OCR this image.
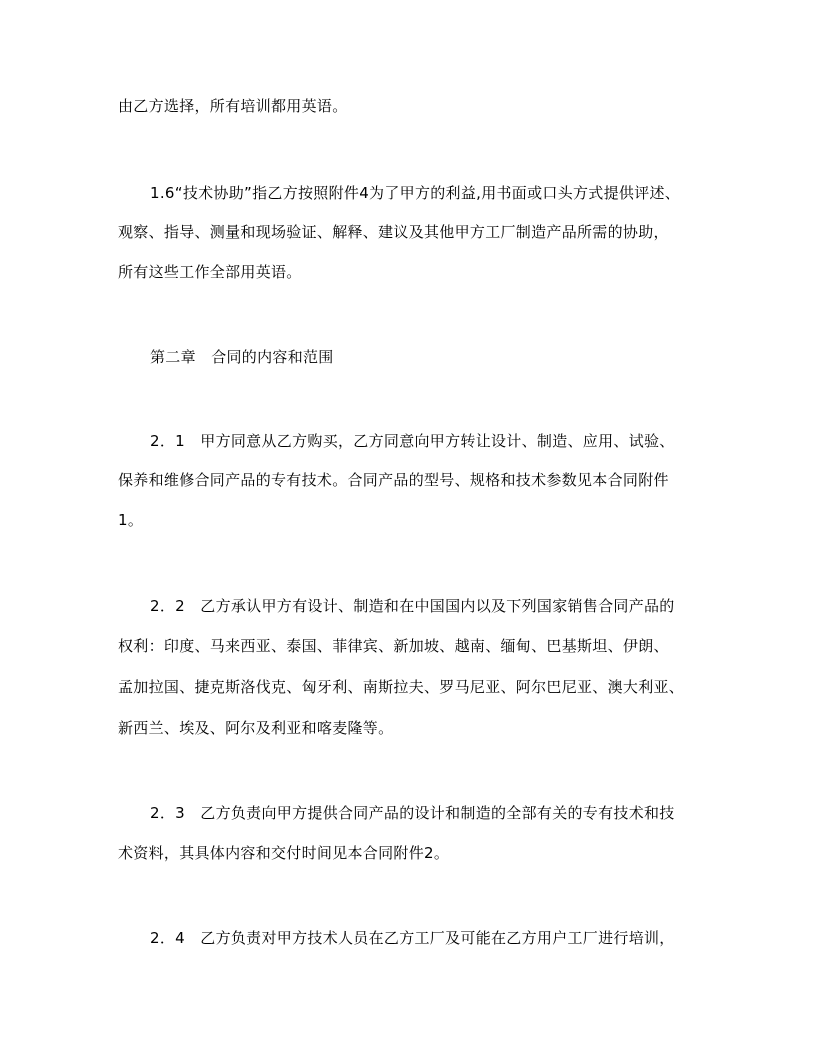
由乙方选择，所有培训都用英语。
1.6“技术协助”指乙方按照附件4为了甲方的利益,用书面或口头方式提供评述、
观察、指导、测量和现场验证、解释、建议及其他甲方工厂制造产品所需的协助，
所有这些工作全部用英语。
第二章　合同的内容和范围
2．1　甲方同意从乙方购买，乙方同意向甲方转让设计、制造、应用、试验、
保养和维修合同产品的专有技术。合同产品的型号、规格和技术参数见本合同附件
1。
2．2　乙方承认甲方有设计、制造和在中国国内以及下列国家销售合同产品的
权利：印度、马来西亚、泰国、菲律宾、新加坡、越南、缅甸、巴基斯坦、伊朗、
孟加拉国、捷克斯洛伐克、匈牙利、南斯拉夫、罗马尼亚、阿尔巴尼亚、澳大利亚、
新西兰、埃及、阿尔及利亚和喀麦隆等。
2．3　乙方负责向甲方提供合同产品的设计和制造的全部有关的专有技术和技
术资料，其具体内容和交付时间见本合同附件2。
2．4　乙方负责对甲方技术人员在乙方工厂及可能在乙方用户工厂进行培训，
